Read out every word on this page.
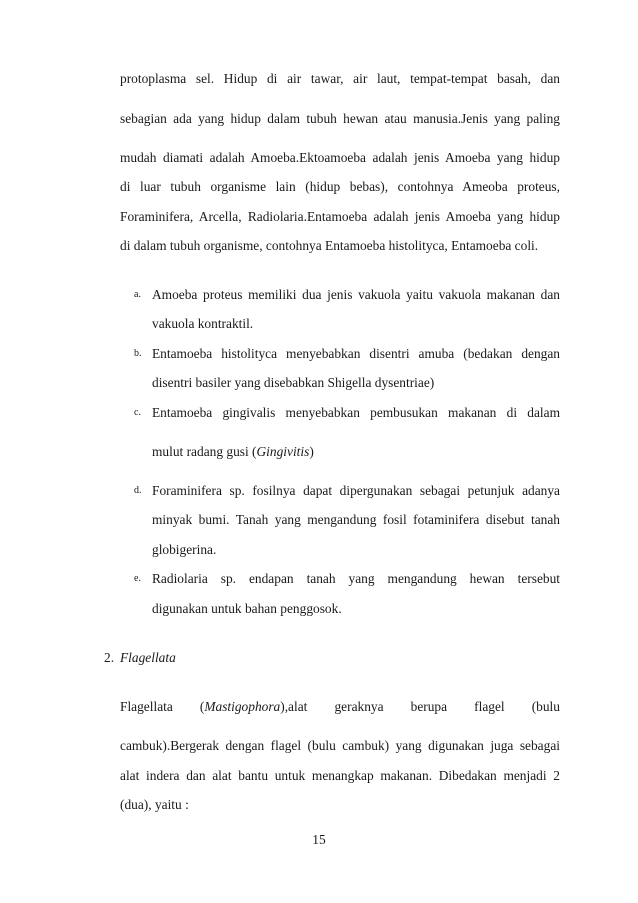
protoplasma sel. Hidup di air tawar, air laut, tempat-tempat basah, dan
sebagian ada yang hidup dalam tubuh hewan atau manusia.Jenis yang paling
mudah diamati adalah Amoeba.Ektoamoeba adalah jenis Amoeba yang hidup
di luar tubuh organisme lain (hidup bebas), contohnya Ameoba proteus,
Foraminifera, Arcella, Radiolaria.Entamoeba adalah jenis Amoeba yang hidup
di dalam tubuh organisme, contohnya Entamoeba histolityca, Entamoeba coli.
a. Amoeba proteus memiliki dua jenis vakuola yaitu vakuola makanan dan
vakuola kontraktil.
b. Entamoeba histolityca menyebabkan disentri amuba (bedakan dengan
disentri basiler yang disebabkan Shigella dysentriae)
c. Entamoeba gingivalis menyebabkan pembusukan makanan di dalam
mulut radang gusi (Gingivitis)
d. Foraminifera sp. fosilnya dapat dipergunakan sebagai petunjuk adanya
minyak bumi. Tanah yang mengandung fosil fotaminifera disebut tanah
globigerina.
e. Radiolaria sp. endapan tanah yang mengandung hewan tersebut
digunakan untuk bahan penggosok.
2. Flagellata
Flagellata (Mastigophora),alat geraknya berupa flagel (bulu
cambuk).Bergerak dengan flagel (bulu cambuk) yang digunakan juga sebagai
alat indera dan alat bantu untuk menangkap makanan. Dibedakan menjadi 2
(dua), yaitu :
15
